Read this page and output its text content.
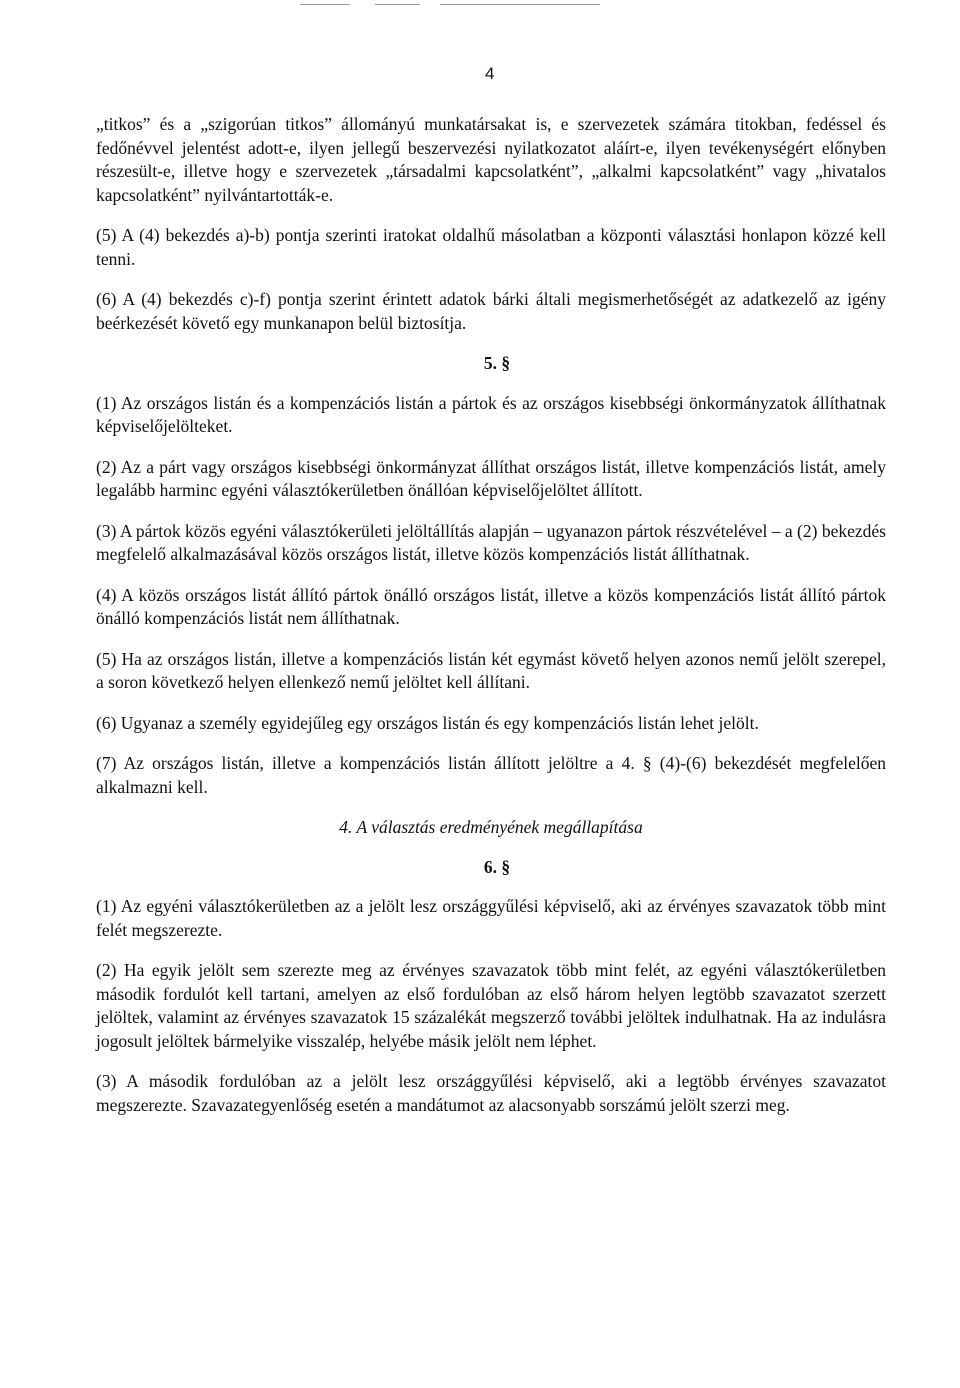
4

„titkos” és a „szigorúan titkos” állományú munkatársakat is, e szervezetek számára titokban, fedéssel és fedőnévvel jelentést adott-e, ilyen jellegű beszervezési nyilatkozatot aláírt-e, ilyen tevékenységért előnyben részesült-e, illetve hogy e szervezetek „társadalmi kapcsolatként”, „alkalmi kapcsolatként” vagy „hivatalos kapcsolatként” nyilvántartották-e.

(5) A (4) bekezdés a)-b) pontja szerinti iratokat oldalhű másolatban a központi választási honlapon közzé kell tenni.

(6) A (4) bekezdés c)-f) pontja szerint érintett adatok bárki általi megismerhetőségét az adatkezelő az igény beérkezését követő egy munkanapon belül biztosítja.

5. §

(1) Az országos listán és a kompenzációs listán a pártok és az országos kisebbségi önkormányzatok állíthatnak képviselőjelölteket.

(2) Az a párt vagy országos kisebbségi önkormányzat állíthat országos listát, illetve kompenzációs listát, amely legalább harminc egyéni választókerületben önállóan képviselőjelöltet állított.

(3) A pártok közös egyéni választókerületi jelöltállítás alapján – ugyanazon pártok részvételével – a (2) bekezdés megfelelő alkalmazásával közös országos listát, illetve közös kompenzációs listát állíthatnak.

(4) A közös országos listát állító pártok önálló országos listát, illetve a közös kompenzációs listát állító pártok önálló kompenzációs listát nem állíthatnak.

(5) Ha az országos listán, illetve a kompenzációs listán két egymást követő helyen azonos nemű jelölt szerepel, a soron következő helyen ellenkező nemű jelöltet kell állítani.

(6) Ugyanaz a személy egyidejűleg egy országos listán és egy kompenzációs listán lehet jelölt.

(7) Az országos listán, illetve a kompenzációs listán állított jelöltre a 4. § (4)-(6) bekezdését megfelelően alkalmazni kell.

4. A választás eredményének megállapítása

6. §

(1) Az egyéni választókerületben az a jelölt lesz országgyűlési képviselő, aki az érvényes szavazatok több mint felét megszerezte.

(2) Ha egyik jelölt sem szerezte meg az érvényes szavazatok több mint felét, az egyéni választókerületben második fordulót kell tartani, amelyen az első fordulóban az első három helyen legtöbb szavazatot szerzett jelöltek, valamint az érvényes szavazatok 15 százalékát megszerző további jelöltek indulhatnak. Ha az indulásra jogosult jelöltek bármelyike visszalép, helyébe másik jelölt nem léphet.

(3) A második fordulóban az a jelölt lesz országgyűlési képviselő, aki a legtöbb érvényes szavazatot megszerezte. Szavazategyenlőség esetén a mandátumot az alacsonyabb sorszámú jelölt szerzi meg.
